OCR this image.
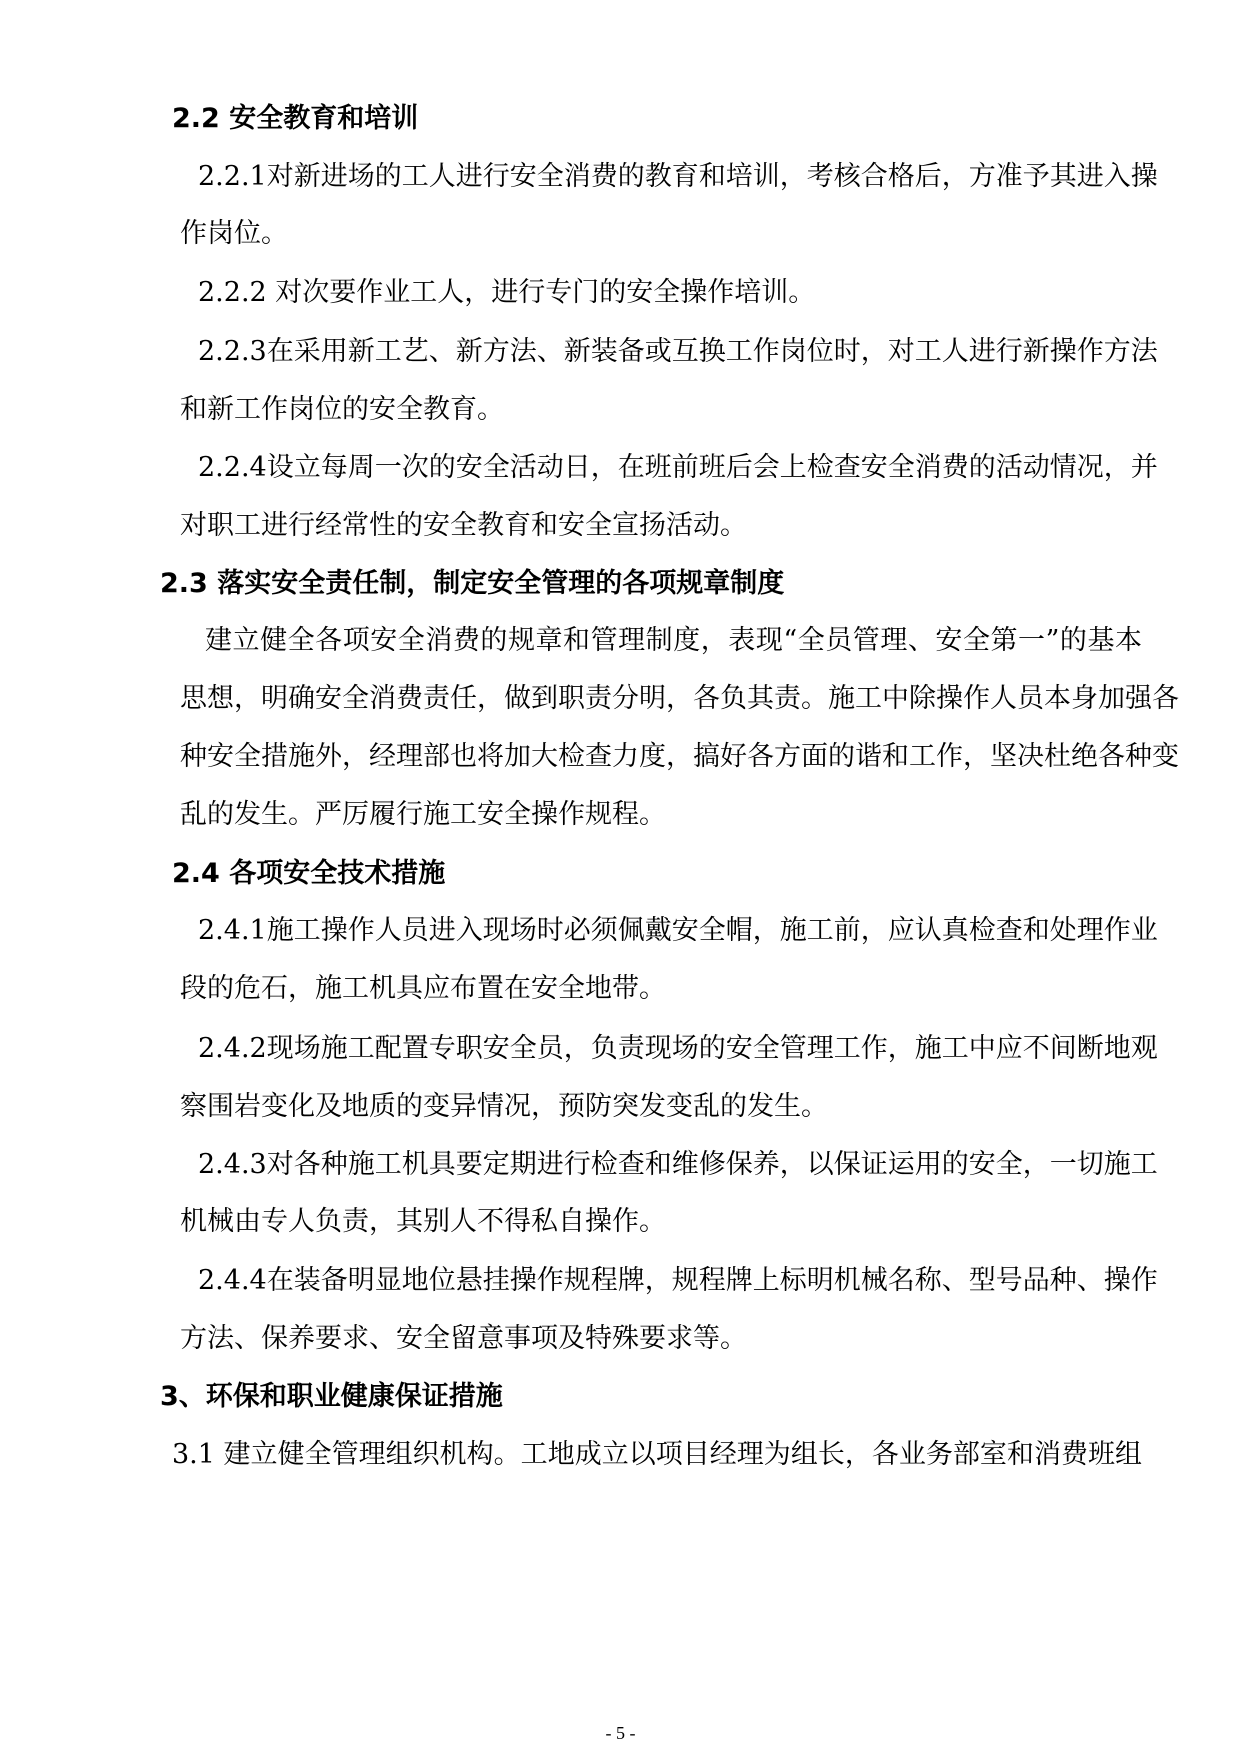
2.2 安全教育和培训
2.2.1对新进场的工人进行安全消费的教育和培训，考核合格后，方准予其进入操
作岗位。
2.2.2 对次要作业工人，进行专门的安全操作培训。
2.2.3在采用新工艺、新方法、新装备或互换工作岗位时，对工人进行新操作方法
和新工作岗位的安全教育。
2.2.4设立每周一次的安全活动日，在班前班后会上检查安全消费的活动情况，并
对职工进行经常性的安全教育和安全宣扬活动。
2.3 落实安全责任制，制定安全管理的各项规章制度
建立健全各项安全消费的规章和管理制度，表现“全员管理、安全第一”的基本
思想，明确安全消费责任，做到职责分明，各负其责。施工中除操作人员本身加强各
种安全措施外，经理部也将加大检查力度，搞好各方面的谐和工作，坚决杜绝各种变
乱的发生。严厉履行施工安全操作规程。
2.4 各项安全技术措施
2.4.1施工操作人员进入现场时必须佩戴安全帽，施工前，应认真检查和处理作业
段的危石，施工机具应布置在安全地带。
2.4.2现场施工配置专职安全员，负责现场的安全管理工作，施工中应不间断地观
察围岩变化及地质的变异情况，预防突发变乱的发生。
2.4.3对各种施工机具要定期进行检查和维修保养，以保证运用的安全，一切施工
机械由专人负责，其别人不得私自操作。
2.4.4在装备明显地位悬挂操作规程牌，规程牌上标明机械名称、型号品种、操作
方法、保养要求、安全留意事项及特殊要求等。
3、环保和职业健康保证措施
3.1 建立健全管理组织机构。工地成立以项目经理为组长，各业务部室和消费班组
- 5 -
